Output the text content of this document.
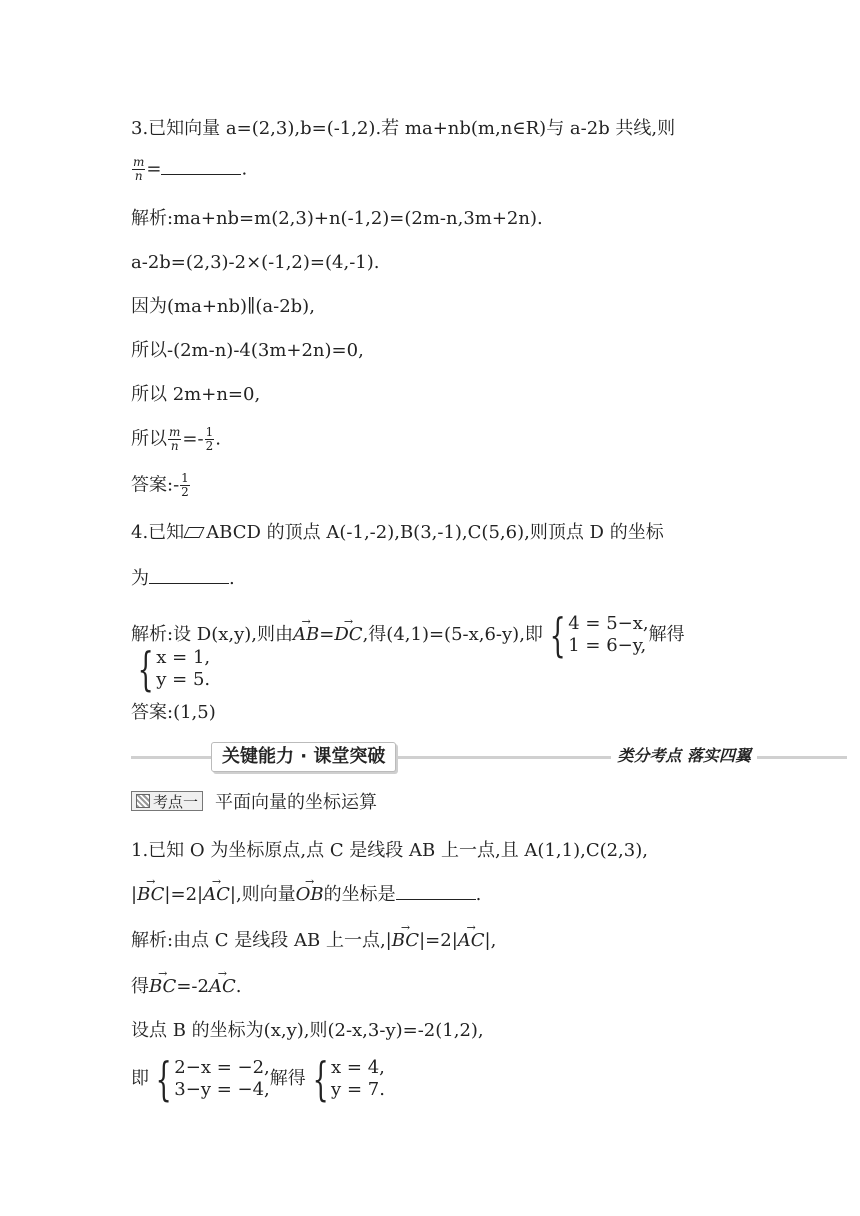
3.已知向量 a=(2,3),b=(-1,2).若 ma+nb(m,n∈R)与 a-2b 共线,则
$\frac{m}{n}$ =	.
解析:ma+nb=m(2,3)+n(-1,2)=(2m-n,3m+2n).
a-2b=(2,3)-2×(-1,2)=(4,-1).
因为(ma+nb)∥(a-2b),
所以-(2m-n)-4(3m+2n)=0,
所以 2m+n=0,
所以 $\frac{m}{n} =- \frac{1}{2}$ .
答案:- $\frac{1}{2}$
4.已知 ABCD 的顶点 A(-1,-2),B(3,-1),C(5,6),则顶点 D 的坐标
为	.
解析:设 D(x,y),则由→ AB=→ DC,得(4,1)=(5-x,6-y),即 { 4 = 5−x,
1 = 6−y,
解得
{ x = 1,
y = 5.
答案:(1,5)
关键能力 · 课堂突破	类分考点 落实四翼
考点一 平面向量的坐标运算
1.已知 O 为坐标原点,点 C 是线段 AB 上一点,且 A(1,1),C(2,3),
|→ BC|=2|→ AC|,则向量→ OB的坐标是	.
解析:由点 C 是线段 AB 上一点,|→ BC|=2|→ AC|,
得→ BC=-2→ AC.
设点 B 的坐标为(x,y),则(2-x,3-y)=-2(1,2),
即 { 2−x = −2,
3−y = −4,
解得 { x = 4,
y = 7.
